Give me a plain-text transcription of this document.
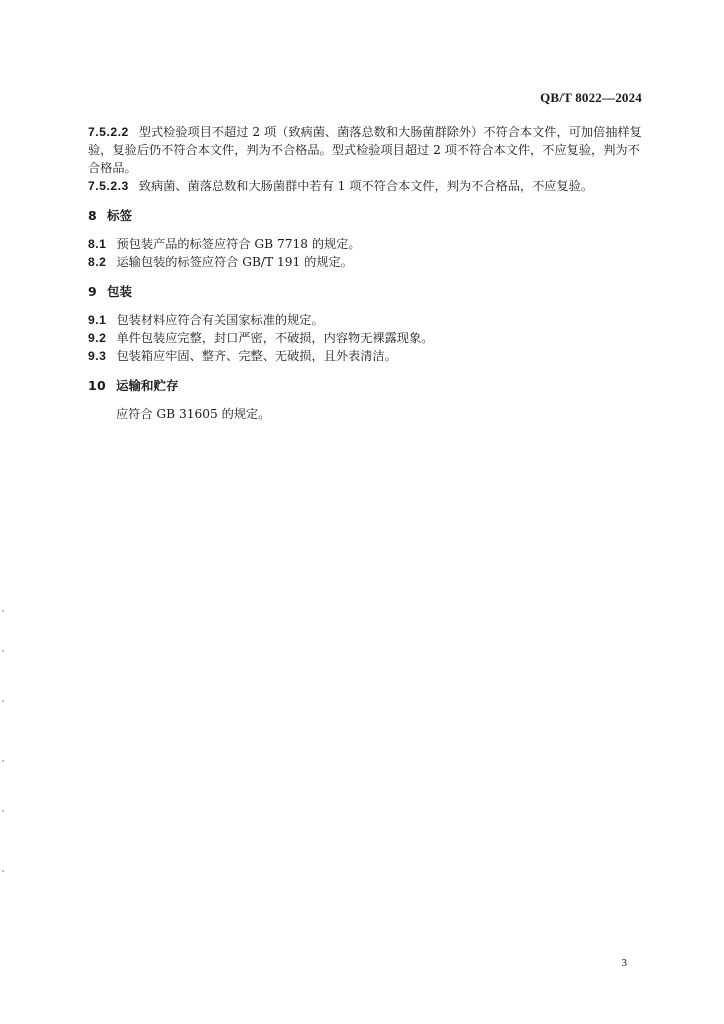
QB/T 8022—2024

7.5.2.2 型式检验项目不超过 2 项（致病菌、菌落总数和大肠菌群除外）不符合本文件，可加倍抽样复验，复验后仍不符合本文件，判为不合格品。型式检验项目超过 2 项不符合本文件，不应复验，判为不合格品。

7.5.2.3 致病菌、菌落总数和大肠菌群中若有 1 项不符合本文件，判为不合格品，不应复验。

8 标签

8.1 预包装产品的标签应符合 GB 7718 的规定。

8.2 运输包装的标签应符合 GB/T 191 的规定。

9 包装

9.1 包装材料应符合有关国家标准的规定。

9.2 单件包装应完整，封口严密，不破损，内容物无裸露现象。

9.3 包装箱应牢固、整齐、完整、无破损，且外表清洁。

10 运输和贮存

应符合 GB 31605 的规定。

3
